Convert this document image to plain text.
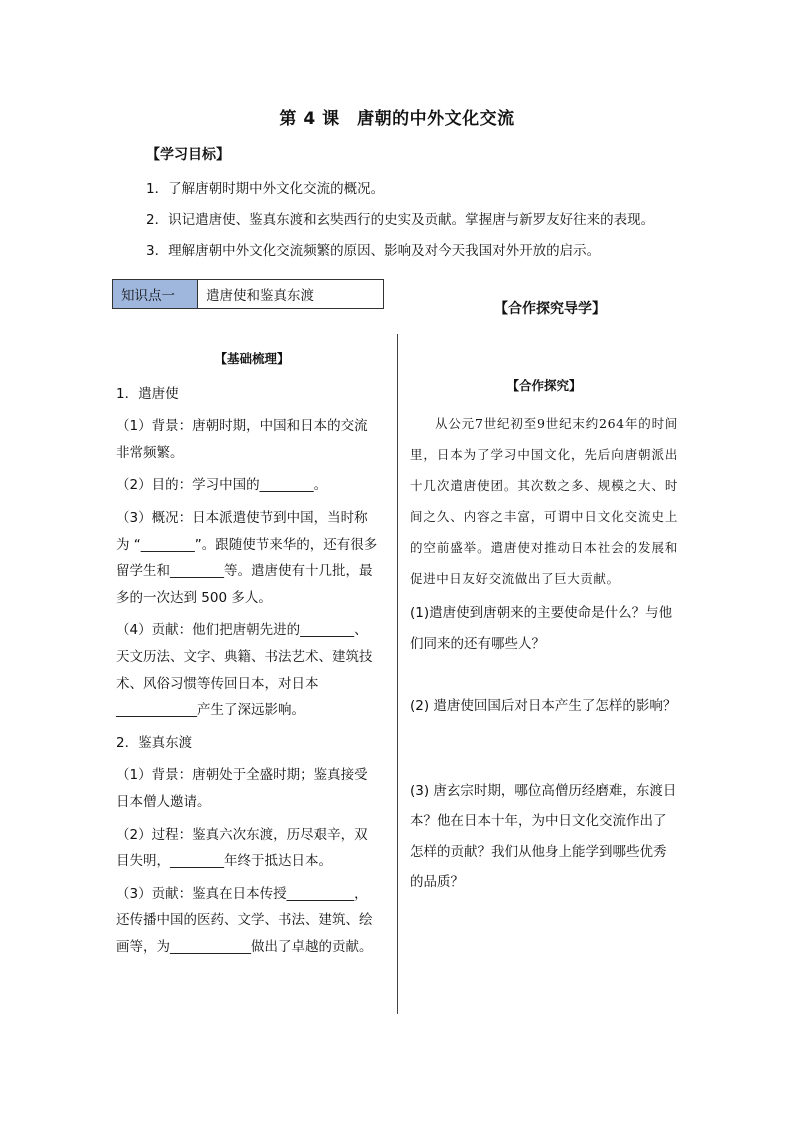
第 4 课　唐朝的中外文化交流
【学习目标】
1．了解唐朝时期中外文化交流的概况。
2．识记遣唐使、鉴真东渡和玄奘西行的史实及贡献。掌握唐与新罗友好往来的表现。
3．理解唐朝中外文化交流频繁的原因、影响及对今天我国对外开放的启示。
知识点一	遣唐使和鉴真东渡
【合作探究导学】
【基础梳理】

1．遣唐使

（1）背景：唐朝时期，中国和日本的交流

非常频繁。

（2）目的：学习中国的________。

（3）概况：日本派遣使节到中国，当时称

为 “________”。跟随使节来华的，还有很多

留学生和________等。遣唐使有十几批，最

多的一次达到 500 多人。

（4）贡献：他们把唐朝先进的________、

天文历法、文字、典籍、书法艺术、建筑技

术、风俗习惯等传回日本，对日本

____________产生了深远影响。

2．鉴真东渡

（1）背景：唐朝处于全盛时期；鉴真接受

日本僧人邀请。

（2）过程：鉴真六次东渡，历尽艰辛，双

目失明，________年终于抵达日本。

（3）贡献：鉴真在日本传授__________，

还传播中国的医药、文学、书法、建筑、绘

画等，为____________做出了卓越的贡献。

【合作探究】

从公元7世纪初至9世纪末约264年的时间里，日本为了学习中国文化，先后向唐朝派出十几次遣唐使团。其次数之多、规模之大、时间之久、内容之丰富，可谓中日文化交流史上的空前盛举。遣唐使对推动日本社会的发展和促进中日友好交流做出了巨大贡献。

(1)遣唐使到唐朝来的主要使命是什么？与他们同来的还有哪些人？

(2) 遣唐使回国后对日本产生了怎样的影响？

(3) 唐玄宗时期，哪位高僧历经磨难，东渡日本？他在日本十年，为中日文化交流作出了怎样的贡献？我们从他身上能学到哪些优秀的品质？
